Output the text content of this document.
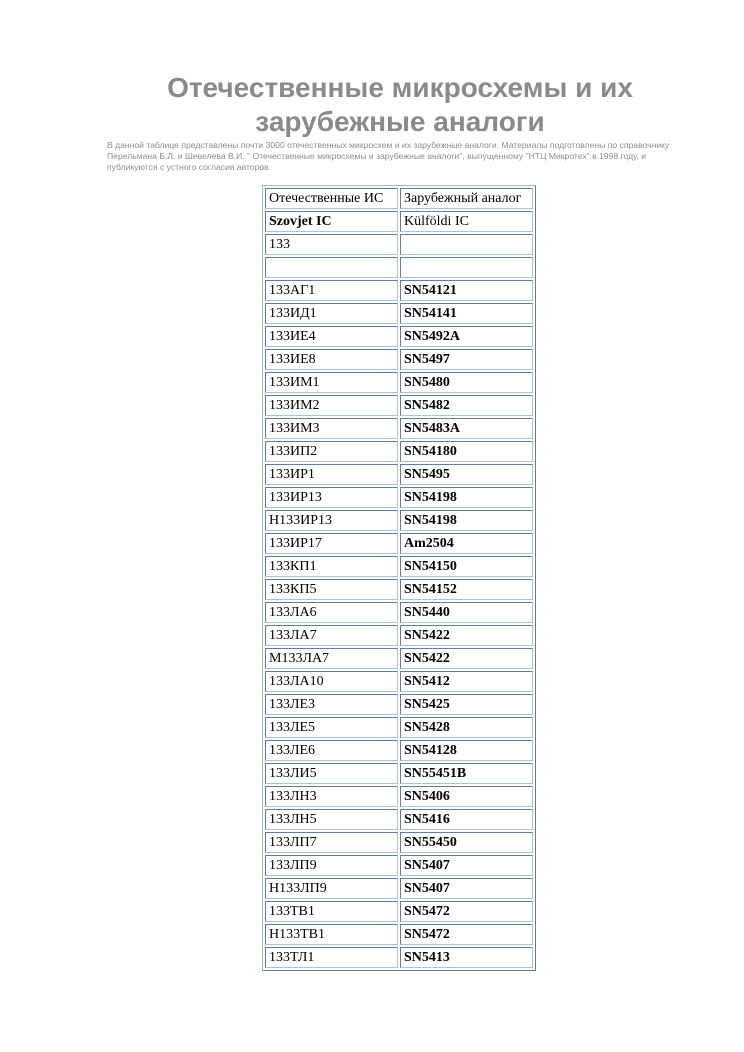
Отечественные микросхемы и их зарубежные аналоги

В данной таблице представлены почти 3000 отечественных микросхем и их зарубежные аналоги. Материалы подготовлены по справочнику Перельмана Б.Л. и Шевелева В.И. " Отечественные микросхемы и зарубежные аналоги", выпущенному "НТЦ Микротех" в 1998 году, и публикуются с устного согласия авторов.

Отечественные ИС	Зарубежный аналог
Szovjet IC	Külföldi IC
133	

133АГ1	SN54121
133ИД1	SN54141
133ИЕ4	SN5492A
133ИЕ8	SN5497
133ИМ1	SN5480
133ИМ2	SN5482
133ИМ3	SN5483A
133ИП2	SN54180
133ИР1	SN5495
133ИР13	SN54198
Н133ИР13	SN54198
133ИР17	Am2504
133КП1	SN54150
133КП5	SN54152
133ЛА6	SN5440
133ЛА7	SN5422
М133ЛА7	SN5422
133ЛА10	SN5412
133ЛЕ3	SN5425
133ЛЕ5	SN5428
133ЛЕ6	SN54128
133ЛИ5	SN55451B
133ЛН3	SN5406
133ЛН5	SN5416
133ЛП7	SN55450
133ЛП9	SN5407
Н133ЛП9	SN5407
133ТВ1	SN5472
Н133ТВ1	SN5472
133ТЛ1	SN5413
